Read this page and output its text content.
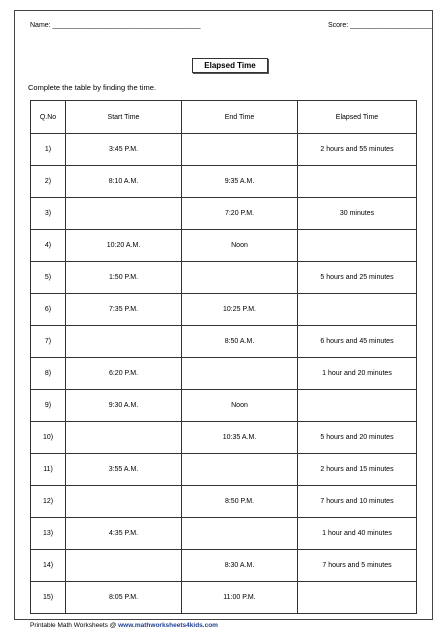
Name: ______________________________________	Score: _____________________
Elapsed Time
Complete the table by finding the time.
Q.No	Start Time	End Time	Elapsed Time
1)	3:45 P.M.		2 hours and 55 minutes
2)	8:10 A.M.	9:35 A.M.	
3)		7:20 P.M.	30 minutes
4)	10:20 A.M.	Noon	
5)	1:50 P.M.		5 hours and 25 minutes
6)	7:35 P.M.	10:25 P.M.	
7)		8:50 A.M.	6 hours and 45 minutes
8)	6:20 P.M.		1 hour and 20 minutes
9)	9:30 A.M.	Noon	
10)		10:35 A.M.	5 hours and 20 minutes
11)	3:55 A.M.		2 hours and 15 minutes
12)		8:50 P.M.	7 hours and 10 minutes
13)	4:35 P.M.		1 hour and 40 minutes
14)		8:30 A.M.	7 hours and 5 minutes
15)	8:05 P.M.	11:00 P.M.	
Printable Math Worksheets @ www.mathworksheets4kids.com
